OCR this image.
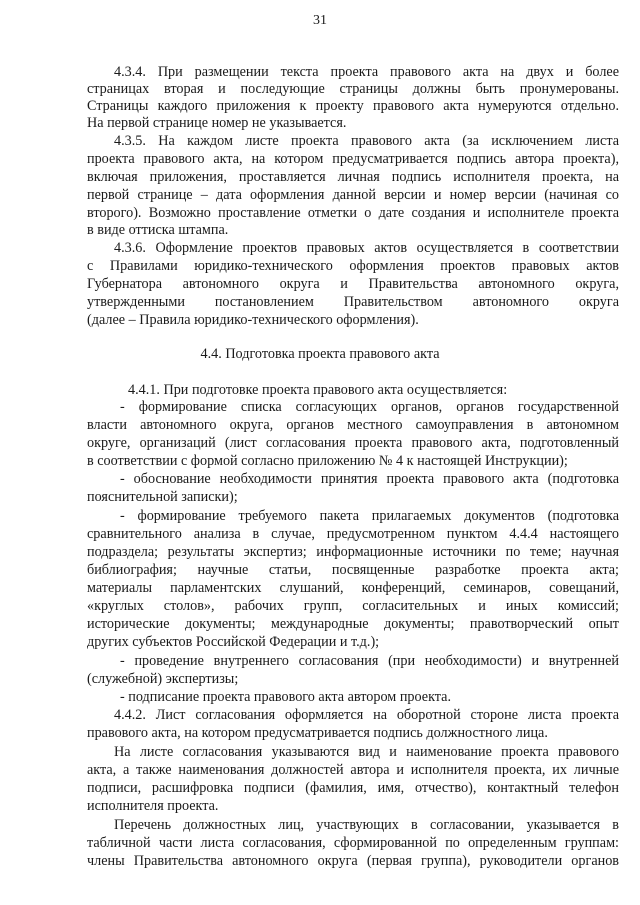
31
4.4. Подготовка проекта правового акта
4.3.4. При размещении текста проекта правового акта на двух и более
страницах вторая и последующие страницы должны быть пронумерованы.
Страницы каждого приложения к проекту правового акта нумеруются отдельно.
На первой странице номер не указывается.
4.3.5. На каждом листе проекта правового акта (за исключением листа
проекта правового акта, на котором предусматривается подпись автора проекта),
включая приложения, проставляется личная подпись исполнителя проекта, на
первой странице – дата оформления данной версии и номер версии (начиная со
второго). Возможно проставление отметки о дате создания и исполнителе проекта
в виде оттиска штампа.
4.3.6. Оформление проектов правовых актов осуществляется в соответствии
с Правилами юридико-технического оформления проектов правовых актов
Губернатора автономного округа и Правительства автономного округа,
утвержденными постановлением Правительством автономного округа
(далее – Правила юридико-технического оформления).
4.4.1. При подготовке проекта правового акта осуществляется:
- формирование списка согласующих органов, органов государственной
власти автономного округа, органов местного самоуправления в автономном
округе, организаций (лист согласования проекта правового акта, подготовленный
в соответствии с формой согласно приложению № 4 к настоящей Инструкции);
- обоснование необходимости принятия проекта правового акта (подготовка
пояснительной записки);
- формирование требуемого пакета прилагаемых документов (подготовка
сравнительного анализа в случае, предусмотренном пунктом 4.4.4 настоящего
подраздела; результаты экспертиз; информационные источники по теме; научная
библиография; научные статьи, посвященные разработке проекта акта;
материалы парламентских слушаний, конференций, семинаров, совещаний,
«круглых столов», рабочих групп, согласительных и иных комиссий;
исторические документы; международные документы; правотворческий опыт
других субъектов Российской Федерации и т.д.);
- проведение внутреннего согласования (при необходимости) и внутренней
(служебной) экспертизы;
- подписание проекта правового акта автором проекта.
4.4.2. Лист согласования оформляется на оборотной стороне листа проекта
правового акта, на котором предусматривается подпись должностного лица.
На листе согласования указываются вид и наименование проекта правового
акта, а также наименования должностей автора и исполнителя проекта, их личные
подписи, расшифровка подписи (фамилия, имя, отчество), контактный телефон
исполнителя проекта.
Перечень должностных лиц, участвующих в согласовании, указывается в
табличной части листа согласования, сформированной по определенным группам:
члены Правительства автономного округа (первая группа), руководители органов
